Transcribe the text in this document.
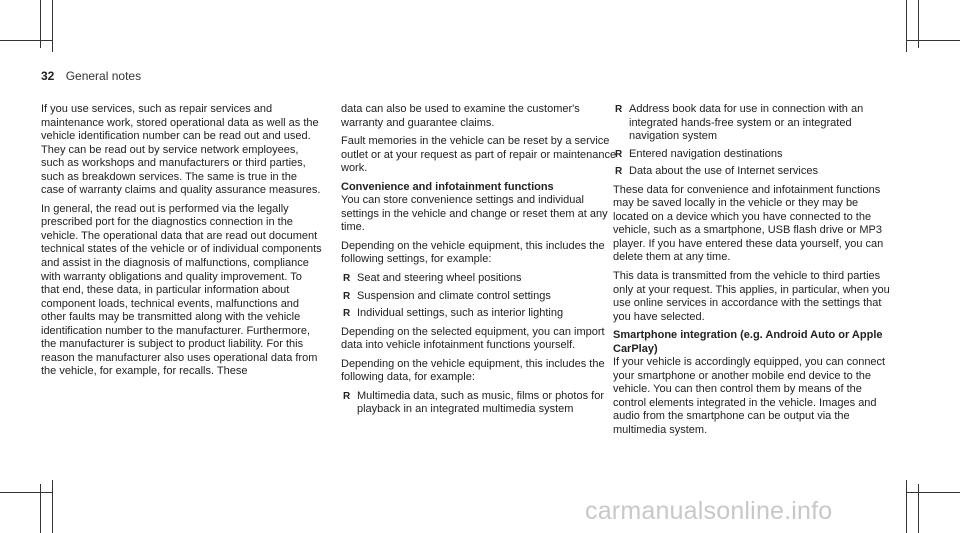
32 General notes

If you use services, such as repair services and maintenance work, stored operational data as well as the vehicle identification number can be read out and used. They can be read out by service network employees, such as workshops and manufacturers or third parties, such as breakdown services. The same is true in the case of warranty claims and quality assurance measures.

In general, the read out is performed via the legally prescribed port for the diagnostics connection in the vehicle. The operational data that are read out document technical states of the vehicle or of individual components and assist in the diagnosis of malfunctions, compliance with warranty obligations and quality improvement. To that end, these data, in particular information about component loads, technical events, malfunctions and other faults may be transmitted along with the vehicle identification number to the manufacturer. Furthermore, the manufacturer is subject to product liability. For this reason the manufacturer also uses operational data from the vehicle, for example, for recalls. These

data can also be used to examine the customer's warranty and guarantee claims.

Fault memories in the vehicle can be reset by a service outlet or at your request as part of repair or maintenance work.

Convenience and infotainment functions

You can store convenience settings and individual settings in the vehicle and change or reset them at any time.

Depending on the vehicle equipment, this includes the following settings, for example:

R Seat and steering wheel positions
R Suspension and climate control settings
R Individual settings, such as interior lighting

Depending on the selected equipment, you can import data into vehicle infotainment functions yourself.

Depending on the vehicle equipment, this includes the following data, for example:

R Multimedia data, such as music, films or photos for playback in an integrated multimedia system
R Address book data for use in connection with an integrated hands-free system or an integrated navigation system
R Entered navigation destinations
R Data about the use of Internet services

These data for convenience and infotainment functions may be saved locally in the vehicle or they may be located on a device which you have connected to the vehicle, such as a smartphone, USB flash drive or MP3 player. If you have entered these data yourself, you can delete them at any time.

This data is transmitted from the vehicle to third parties only at your request. This applies, in particular, when you use online services in accordance with the settings that you have selected.

Smartphone integration (e.g. Android Auto or Apple CarPlay)

If your vehicle is accordingly equipped, you can connect your smartphone or another mobile end device to the vehicle. You can then control them by means of the control elements integrated in the vehicle. Images and audio from the smartphone can be output via the multimedia system.

carmanualsonline.info
